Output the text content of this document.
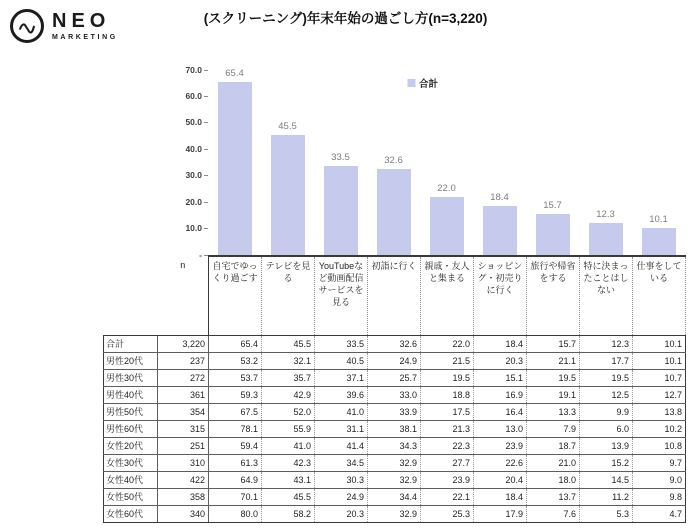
NEO
MARKETING
(スクリーニング)年末年始の過ごし方(n=3,220)
70.0
60.0
50.0
40.0
30.0
20.0
10.0
-
65.4
45.5
33.5	32.6
22.0
18.4
15.7
12.3
10.1
合計
	n	自宅でゆっくり過ごす	テレビを見る	YouTubeなど動画配信サービスを見る	初詣に行く	親戚・友人と集まる	ショッピング・初売りに行く	旅行や帰省をする	特に決まったことはしない	仕事をしている
合計	3,220	65.4	45.5	33.5	32.6	22.0	18.4	15.7	12.3	10.1
男性20代	237	53.2	32.1	40.5	24.9	21.5	20.3	21.1	17.7	10.1
男性30代	272	53.7	35.7	37.1	25.7	19.5	15.1	19.5	19.5	10.7
男性40代	361	59.3	42.9	39.6	33.0	18.8	16.9	19.1	12.5	12.7
男性50代	354	67.5	52.0	41.0	33.9	17.5	16.4	13.3	9.9	13.8
男性60代	315	78.1	55.9	31.1	38.1	21.3	13.0	7.9	6.0	10.2
女性20代	251	59.4	41.0	41.4	34.3	22.3	23.9	18.7	13.9	10.8
女性30代	310	61.3	42.3	34.5	32.9	27.7	22.6	21.0	15.2	9.7
女性40代	422	64.9	43.1	30.3	32.9	23.9	20.4	18.0	14.5	9.0
女性50代	358	70.1	45.5	24.9	34.4	22.1	18.4	13.7	11.2	9.8
女性60代	340	80.0	58.2	20.3	32.9	25.3	17.9	7.6	5.3	4.7
